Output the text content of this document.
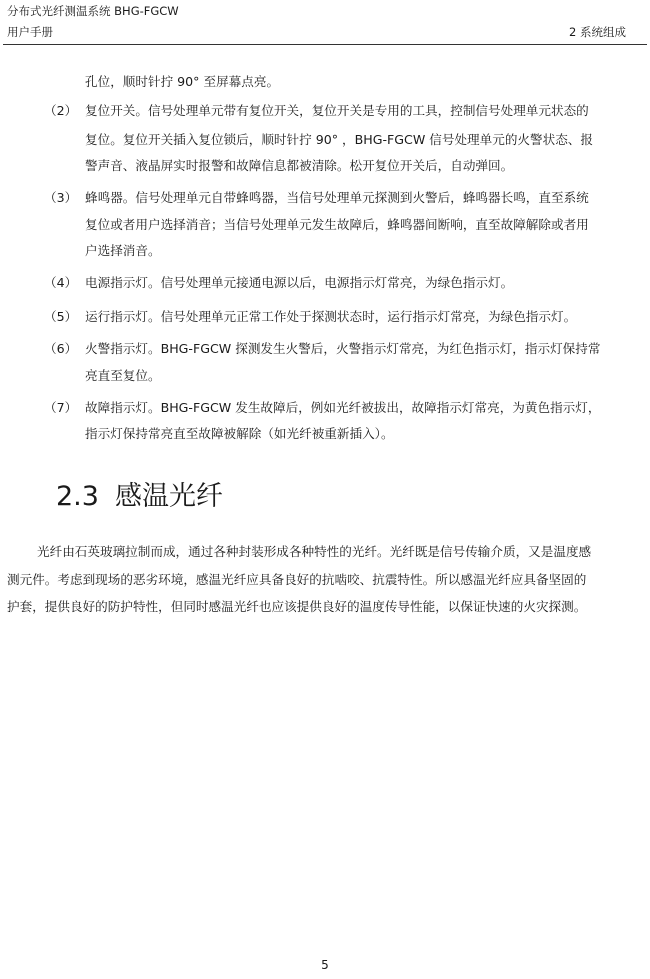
分布式光纤测温系统 BHG-FGCW
用户手册	2 系统组成
孔位，顺时针拧 90° 至屏幕点亮。
（2） 复位开关。信号处理单元带有复位开关，复位开关是专用的工具，控制信号处理单元状态的
复位。复位开关插入复位锁后，顺时针拧 90° ，BHG-FGCW 信号处理单元的火警状态、报
警声音、液晶屏实时报警和故障信息都被清除。松开复位开关后，自动弹回。
（3） 蜂鸣器。信号处理单元自带蜂鸣器，当信号处理单元探测到火警后，蜂鸣器长鸣，直至系统
复位或者用户选择消音；当信号处理单元发生故障后，蜂鸣器间断响，直至故障解除或者用
户选择消音。
（4） 电源指示灯。信号处理单元接通电源以后，电源指示灯常亮，为绿色指示灯。
（5） 运行指示灯。信号处理单元正常工作处于探测状态时，运行指示灯常亮，为绿色指示灯。
（6） 火警指示灯。BHG-FGCW 探测发生火警后，火警指示灯常亮，为红色指示灯，指示灯保持常
亮直至复位。
（7） 故障指示灯。BHG-FGCW 发生故障后，例如光纤被拔出，故障指示灯常亮，为黄色指示灯，
指示灯保持常亮直至故障被解除（如光纤被重新插入）。
2.3 感温光纤
光纤由石英玻璃拉制而成，通过各种封装形成各种特性的光纤。光纤既是信号传输介质，又是温度感
测元件。考虑到现场的恶劣环境，感温光纤应具备良好的抗啮咬、抗震特性。所以感温光纤应具备坚固的
护套，提供良好的防护特性，但同时感温光纤也应该提供良好的温度传导性能，以保证快速的火灾探测。
5
